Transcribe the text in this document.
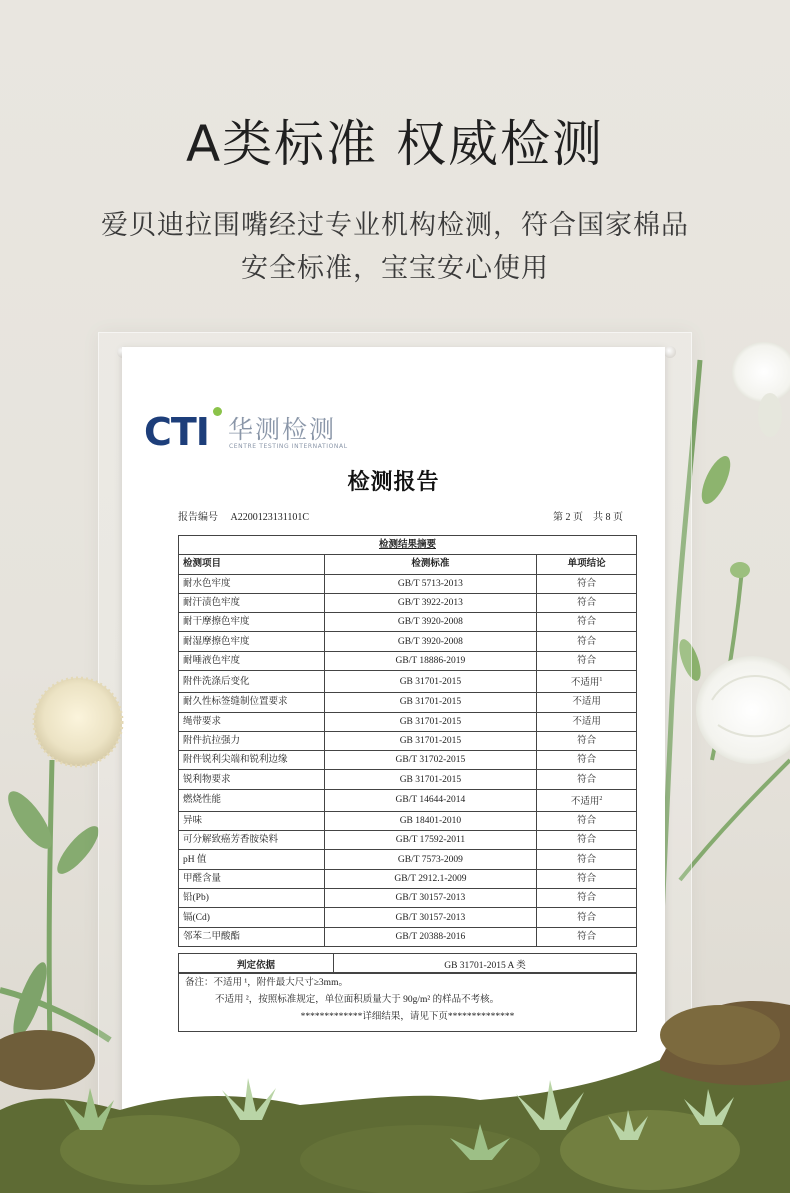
A类标准 权威检测
爱贝迪拉围嘴经过专业机构检测，符合国家棉品
安全标准，宝宝安心使用
CTI 华测检测
CENTRE TESTING INTERNATIONAL
检测报告
报告编号 A2200123131101C	第 2 页　共 8 页
检测结果摘要		
检测项目	检测标准	单项结论
耐水色牢度	GB/T 5713-2013	符合
耐汗渍色牢度	GB/T 3922-2013	符合
耐干摩擦色牢度	GB/T 3920-2008	符合
耐湿摩擦色牢度	GB/T 3920-2008	符合
耐唾液色牢度	GB/T 18886-2019	符合
附件洗涤后变化	GB 31701-2015	不适用$^1$
耐久性标签缝制位置要求	GB 31701-2015	不适用
绳带要求	GB 31701-2015	不适用
附件抗拉强力	GB 31701-2015	符合
附件锐利尖端和锐利边缘	GB/T 31702-2015	符合
锐利物要求	GB 31701-2015	符合
燃烧性能	GB/T 14644-2014	不适用$^2$
异味	GB 18401-2010	符合
可分解致癌芳香胺染料	GB/T 17592-2011	符合
pH 值	GB/T 7573-2009	符合
甲醛含量	GB/T 2912.1-2009	符合
铅(Pb)	GB/T 30157-2013	符合
镉(Cd)	GB/T 30157-2013	符合
邻苯二甲酸酯	GB/T 20388-2016	符合
判定依据	GB 31701-2015 A 类
备注：不适用 ¹，附件最大尺寸≥3mm。
不适用 ²，按照标准规定，单位面积质量大于 90g/m² 的样品不考核。
*************详细结果，请见下页**************
